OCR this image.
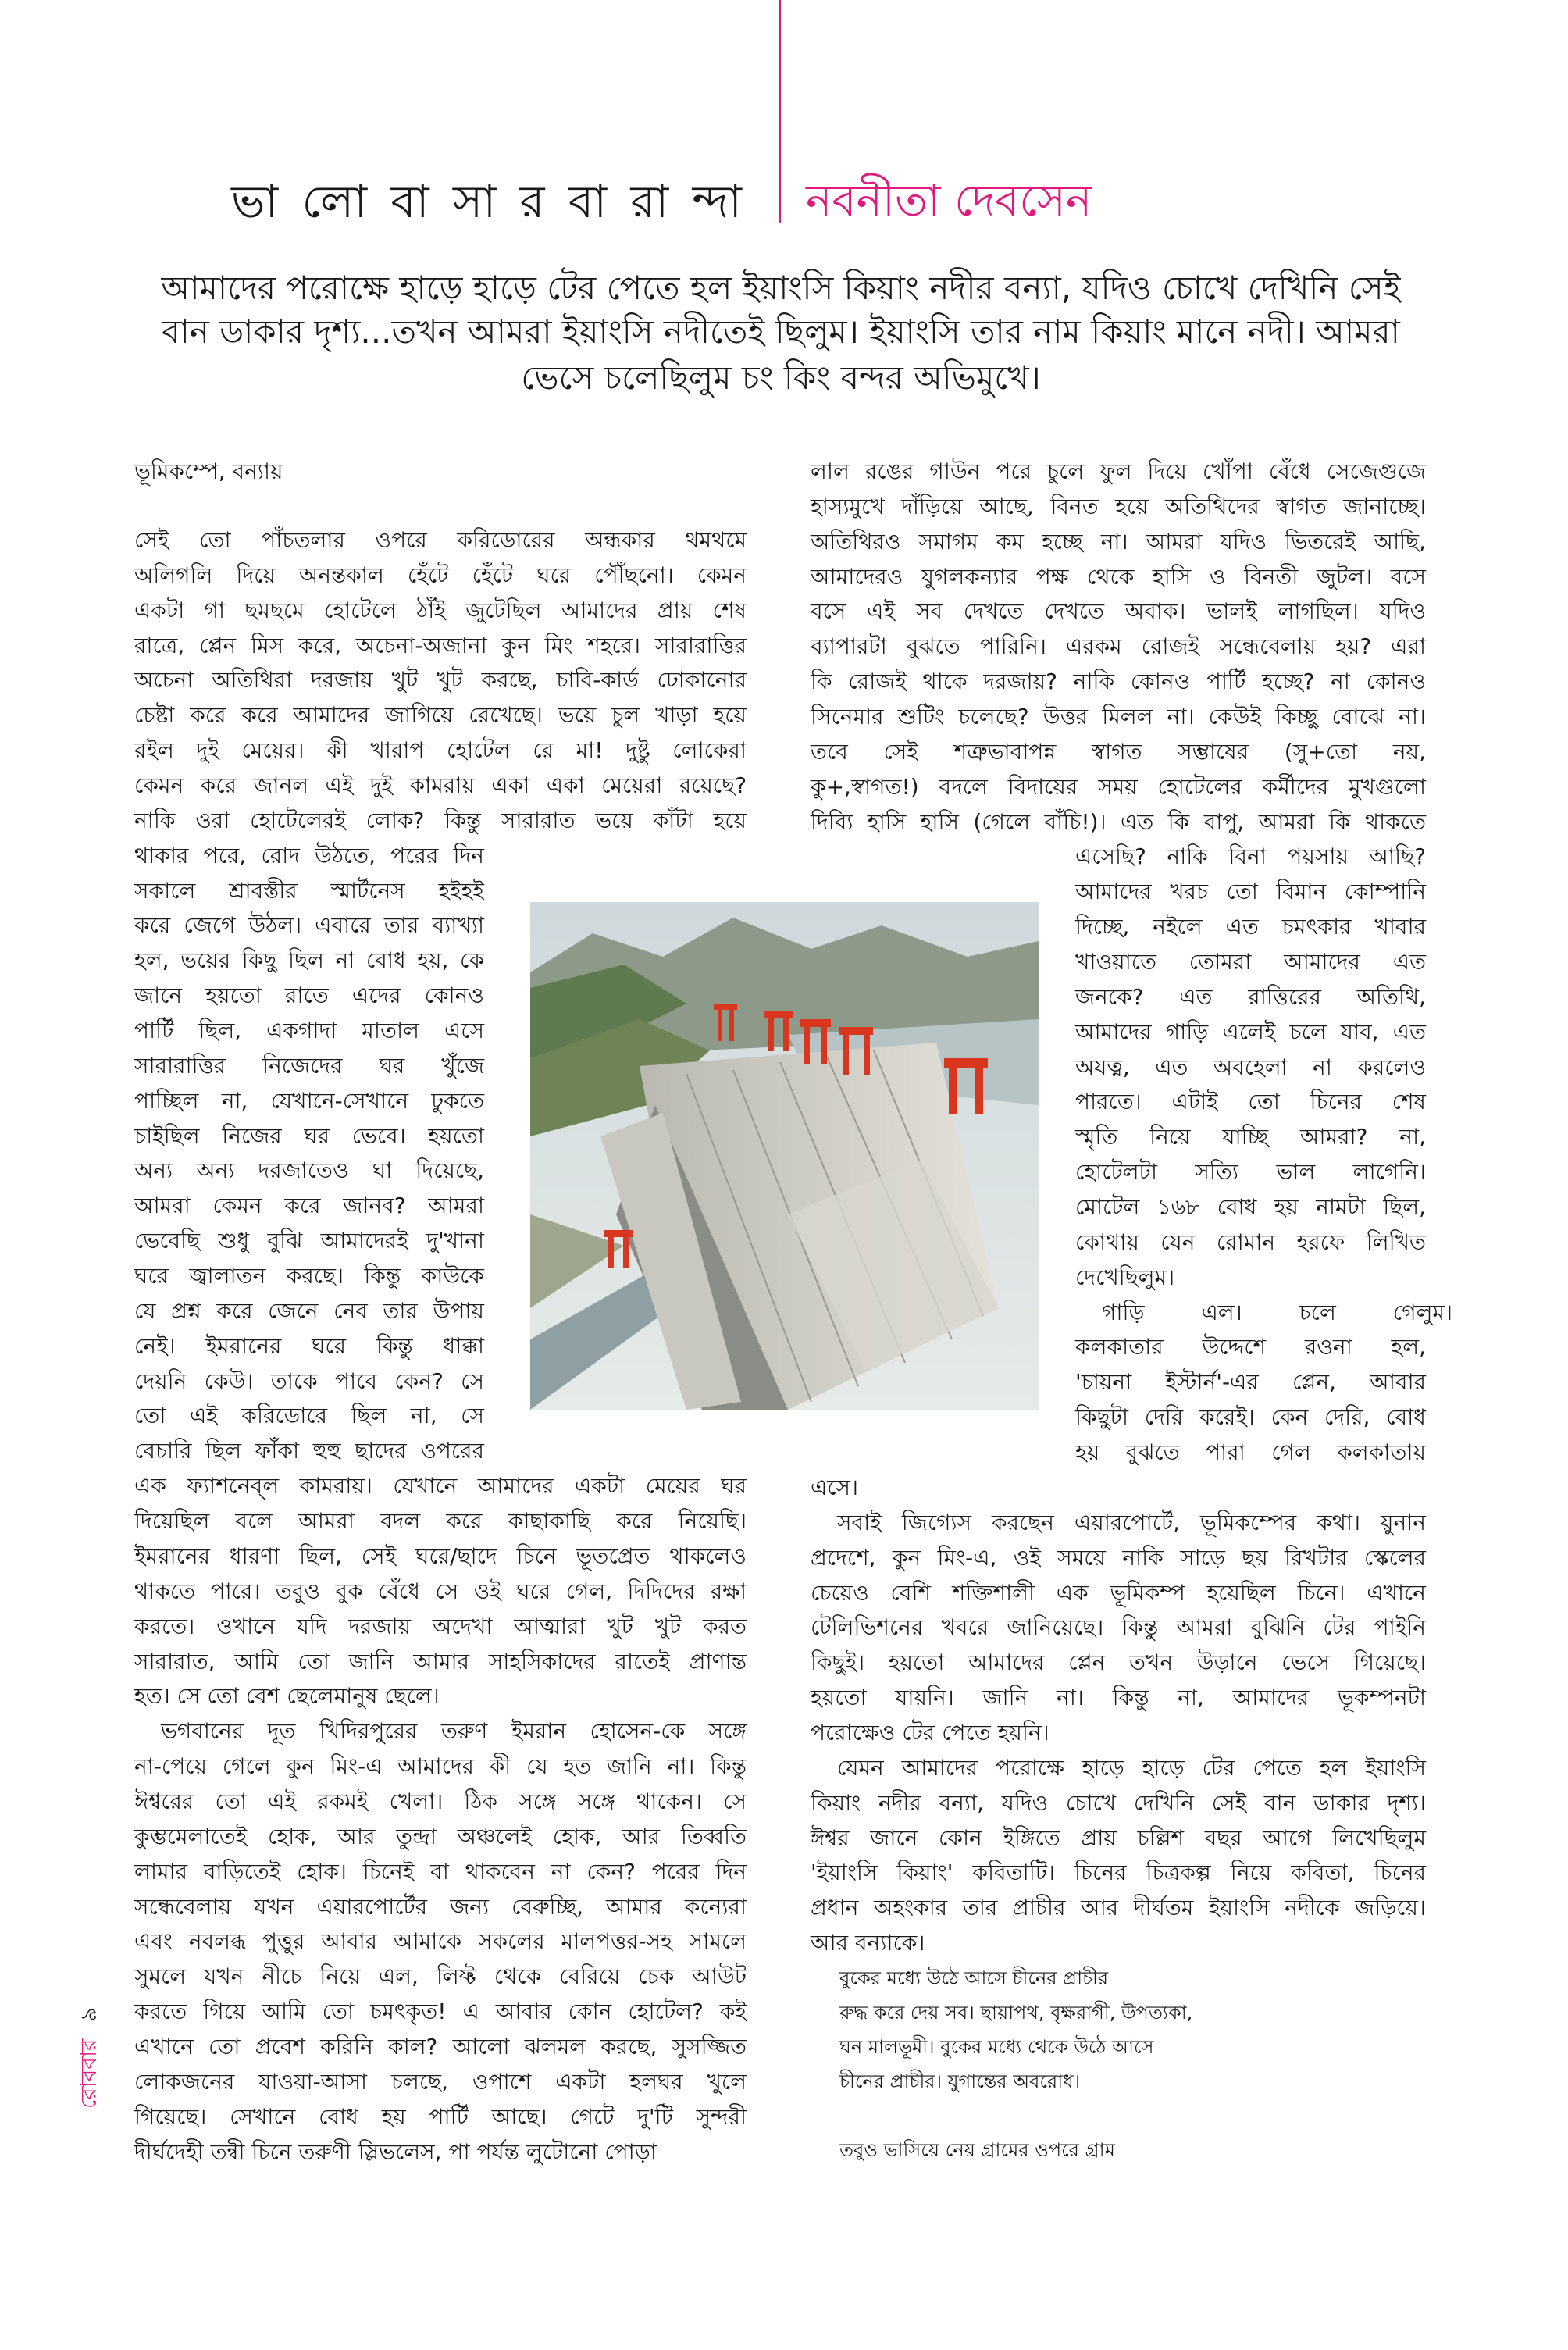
ভা লো বা সা র বা রা ন্দা নবনীতা দেবসেন
আমাদের পরোক্ষে হাড়ে হাড়ে টের পেতে হল ইয়াংসি কিয়াং নদীর বন্যা, যদিও চোখে দেখিনি সেই
বান ডাকার দৃশ্য...তখন আমরা ইয়াংসি নদীতেই ছিলুম। ইয়াংসি তার নাম কিয়াং মানে নদী। আমরা
ভেসে চলেছিলুম চং কিং বন্দর অভিমুখে।
ভূমিকম্পে, বন্যায়
সেই তো পাঁচতলার ওপরে করিডোরের অন্ধকার থমথমে
অলিগলি দিয়ে অনন্তকাল হেঁটে হেঁটে ঘরে পৌঁছনো। কেমন
একটা গা ছমছমে হোটেলে ঠাঁই জুটেছিল আমাদের প্রায় শেষ
রাত্রে, প্লেন মিস করে, অচেনা-অজানা কুন মিং শহরে। সারারাত্তির
অচেনা অতিথিরা দরজায় খুট খুট করছে, চাবি-কার্ড ঢোকানোর
চেষ্টা করে করে আমাদের জাগিয়ে রেখেছে। ভয়ে চুল খাড়া হয়ে
রইল দুই মেয়ের। কী খারাপ হোটেল রে মা! দুষ্টু লোকেরা
কেমন করে জানল এই দুই কামরায় একা একা মেয়েরা রয়েছে?
নাকি ওরা হোটেলেরই লোক? কিন্তু সারারাত ভয়ে কাঁটা হয়ে
থাকার পরে, রোদ উঠতে, পরের দিন
সকালে শ্রাবস্তীর স্মার্টনেস হইহই
করে জেগে উঠল। এবারে তার ব্যাখ্যা
হল, ভয়ের কিছু ছিল না বোধ হয়, কে
জানে হয়তো রাতে এদের কোনও
পার্টি ছিল, একগাদা মাতাল এসে
সারারাত্তির নিজেদের ঘর খুঁজে
পাচ্ছিল না, যেখানে-সেখানে ঢুকতে
চাইছিল নিজের ঘর ভেবে। হয়তো
অন্য অন্য দরজাতেও ঘা দিয়েছে,
আমরা কেমন করে জানব? আমরা
ভেবেছি শুধু বুঝি আমাদেরই দু'খানা
ঘরে জ্বালাতন করছে। কিন্তু কাউকে
যে প্রশ্ন করে জেনে নেব তার উপায়
নেই। ইমরানের ঘরে কিন্তু ধাক্কা
দেয়নি কেউ। তাকে পাবে কেন? সে
তো এই করিডোরে ছিল না, সে
বেচারি ছিল ফাঁকা হুহু ছাদের ওপরের
এক ফ্যাশনেব্‌ল কামরায়। যেখানে আমাদের একটা মেয়ের ঘর
দিয়েছিল বলে আমরা বদল করে কাছাকাছি করে নিয়েছি।
ইমরানের ধারণা ছিল, সেই ঘরে/ছাদে চিনে ভূতপ্রেত থাকলেও
থাকতে পারে। তবুও বুক বেঁধে সে ওই ঘরে গেল, দিদিদের রক্ষা
করতে। ওখানে যদি দরজায় অদেখা আত্মারা খুট খুট করত
সারারাত, আমি তো জানি আমার সাহসিকাদের রাতেই প্রাণান্ত
হত। সে তো বেশ ছেলেমানুষ ছেলে।
ভগবানের দূত খিদিরপুরের তরুণ ইমরান হোসেন-কে সঙ্গে
না-পেয়ে গেলে কুন মিং-এ আমাদের কী যে হত জানি না। কিন্তু
ঈশ্বরের তো এই রকমই খেলা। ঠিক সঙ্গে সঙ্গে থাকেন। সে
কুম্ভমেলাতেই হোক, আর তুন্দ্রা অঞ্চলেই হোক, আর তিব্বতি
লামার বাড়িতেই হোক। চিনেই বা থাকবেন না কেন? পরের দিন
সন্ধেবেলায় যখন এয়ারপোর্টের জন্য বেরুচ্ছি, আমার কন্যেরা
এবং নবলব্ধ পুত্তুর আবার আমাকে সকলের মালপত্তর-সহ সামলে
সুমলে যখন নীচে নিয়ে এল, লিফ্ট থেকে বেরিয়ে চেক আউট
করতে গিয়ে আমি তো চমৎকৃত! এ আবার কোন হোটেল? কই
এখানে তো প্রবেশ করিনি কাল? আলো ঝলমল করছে, সুসজ্জিত
লোকজনের যাওয়া-আসা চলছে, ওপাশে একটা হলঘর খুলে
গিয়েছে। সেখানে বোধ হয় পার্টি আছে। গেটে দু'টি সুন্দরী
দীর্ঘদেহী তন্বী চিনে তরুণী স্লিভলেস, পা পর্যন্ত লুটোনো পোড়া
লাল রঙের গাউন পরে চুলে ফুল দিয়ে খোঁপা বেঁধে সেজেগুজে
হাস্যমুখে দাঁড়িয়ে আছে, বিনত হয়ে অতিথিদের স্বাগত জানাচ্ছে।
অতিথিরও সমাগম কম হচ্ছে না। আমরা যদিও ভিতরেই আছি,
আমাদেরও যুগলকন্যার পক্ষ থেকে হাসি ও বিনতী জুটল। বসে
বসে এই সব দেখতে দেখতে অবাক। ভালই লাগছিল। যদিও
ব্যাপারটা বুঝতে পারিনি। এরকম রোজই সন্ধেবেলায় হয়? এরা
কি রোজই থাকে দরজায়? নাকি কোনও পার্টি হচ্ছে? না কোনও
সিনেমার শুটিং চলেছে? উত্তর মিলল না। কেউই কিচ্ছু বোঝে না।
তবে সেই শত্রুভাবাপন্ন স্বাগত সম্ভাষের (সু+তো নয়,
কু+,স্বাগত!) বদলে বিদায়ের সময় হোটেলের কর্মীদের মুখগুলো
দিব্যি হাসি হাসি (গেলে বাঁচি!)। এত কি বাপু, আমরা কি থাকতে
এসেছি? নাকি বিনা পয়সায় আছি?
আমাদের খরচ তো বিমান কোম্পানি
দিচ্ছে, নইলে এত চমৎকার খাবার
খাওয়াতে তোমরা আমাদের এত
জনকে? এত রাত্তিরের অতিথি,
আমাদের গাড়ি এলেই চলে যাব, এত
অযত্ন, এত অবহেলা না করলেও
পারতে। এটাই তো চিনের শেষ
স্মৃতি নিয়ে যাচ্ছি আমরা? না,
হোটেলটা সত্যি ভাল লাগেনি।
মোটেল ১৬৮ বোধ হয় নামটা ছিল,
কোথায় যেন রোমান হরফে লিখিত
দেখেছিলুম।
গাড়ি এল। চলে গেলুম।
কলকাতার উদ্দেশে রওনা হল,
'চায়না ইস্টার্ন'-এর প্লেন, আবার
কিছুটা দেরি করেই। কেন দেরি, বোধ
হয় বুঝতে পারা গেল কলকাতায়
এসে।
সবাই জিগ্যেস করছেন এয়ারপোর্টে, ভূমিকম্পের কথা। য়ুনান
প্রদেশে, কুন মিং-এ, ওই সময়ে নাকি সাড়ে ছয় রিখটার স্কেলের
চেয়েও বেশি শক্তিশালী এক ভূমিকম্প হয়েছিল চিনে। এখানে
টেলিভিশনের খবরে জানিয়েছে। কিন্তু আমরা বুঝিনি টের পাইনি
কিছুই। হয়তো আমাদের প্লেন তখন উড়ানে ভেসে গিয়েছে।
হয়তো যায়নি। জানি না। কিন্তু না, আমাদের ভূকম্পনটা
পরোক্ষেও টের পেতে হয়নি।
যেমন আমাদের পরোক্ষে হাড়ে হাড়ে টের পেতে হল ইয়াংসি
কিয়াং নদীর বন্যা, যদিও চোখে দেখিনি সেই বান ডাকার দৃশ্য।
ঈশ্বর জানে কোন ইঙ্গিতে প্রায় চল্লিশ বছর আগে লিখেছিলুম
'ইয়াংসি কিয়াং' কবিতাটি। চিনের চিত্রকল্প নিয়ে কবিতা, চিনের
প্রধান অহংকার তার প্রাচীর আর দীর্ঘতম ইয়াংসি নদীকে জড়িয়ে।
আর বন্যাকে।
বুকের মধ্যে উঠে আসে চীনের প্রাচীর
রুদ্ধ করে দেয় সব। ছায়াপথ, বৃক্ষরাগী, উপত্যকা,
ঘন মালভূমী। বুকের মধ্যে থেকে উঠে আসে
চীনের প্রাচীর। যুগান্তের অবরোধ।
তবুও ভাসিয়ে নেয় গ্রামের ওপরে গ্রাম
রোববার৯
